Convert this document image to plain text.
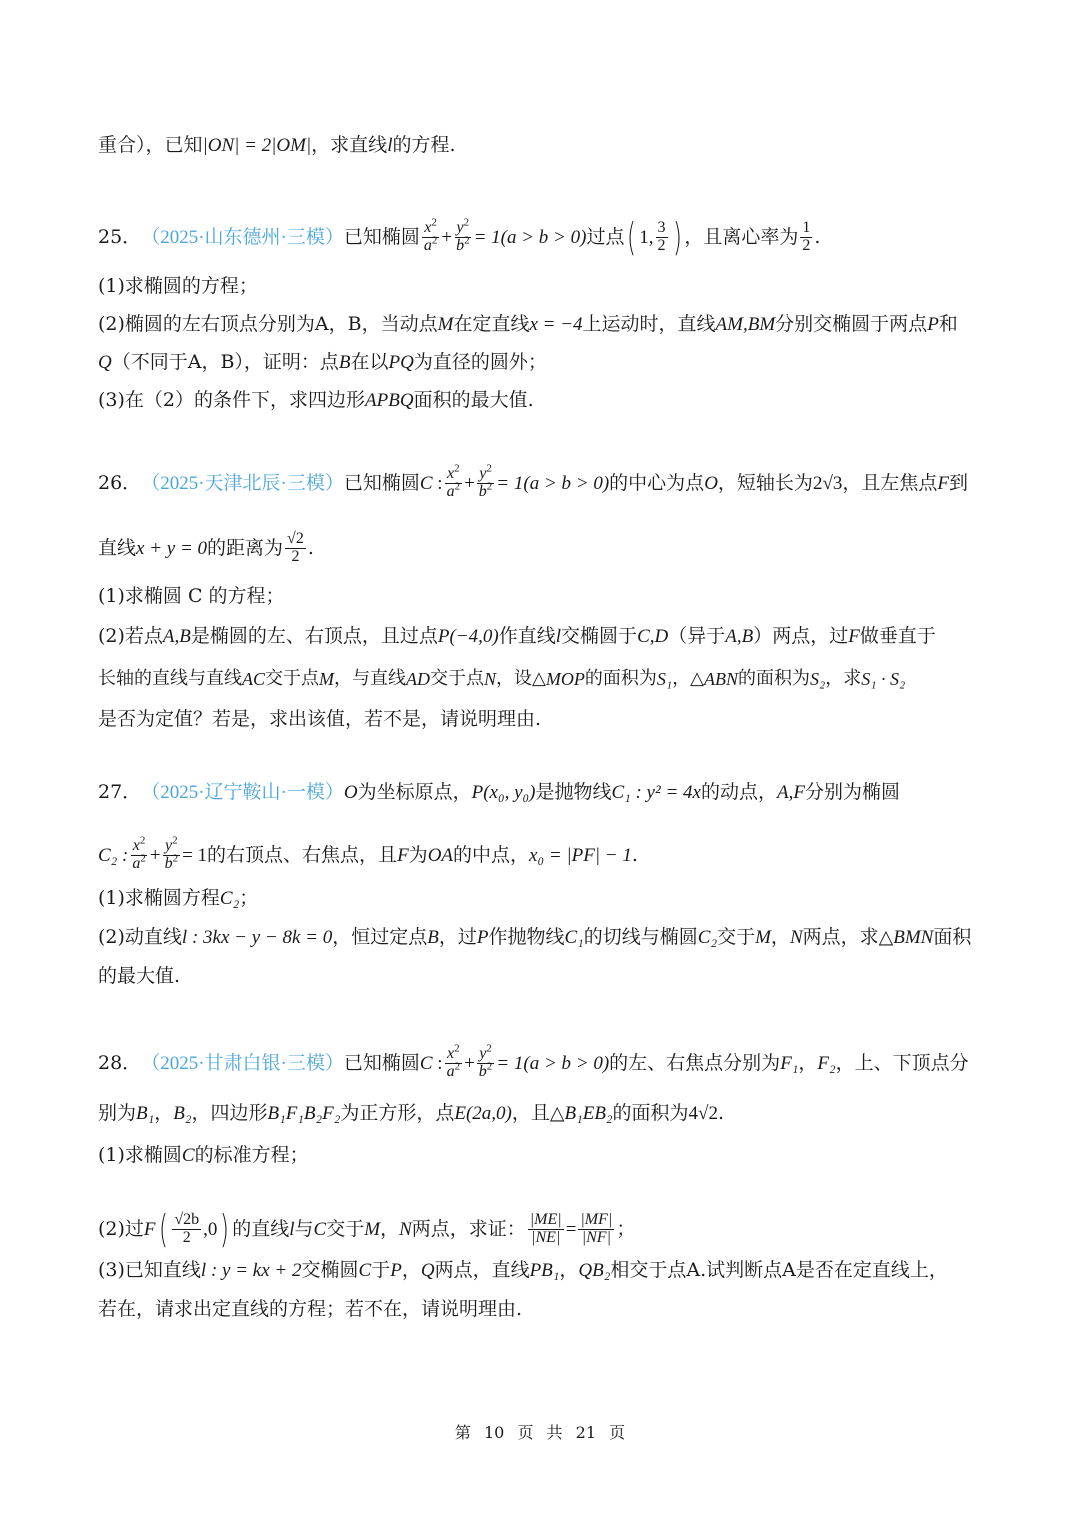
重合），已知 |ON| = 2|OM| ，求直线 l 的方程.
25． （2025·山东德州·三模） 已知椭圆 $\frac{x^2}{a^2} + \frac{y^2}{b^2} = 1(a > b > 0)$ 过点 ( 1, $\frac{3}{2}$ ) ，且离心率为 $\frac{1}{2}$ .
(1)求椭圆的方程；
(2)椭圆的左右顶点分别为A，B，当动点 M 在定直线 x = −4 上运动时，直线 AM,BM 分别交椭圆于两点 P 和
Q （不同于A，B），证明：点 B 在以 PQ 为直径的圆外；
(3)在（2）的条件下，求四边形 APBQ 面积的最大值.
26． （2025·天津北辰·三模） 已知椭圆 C : $\frac{x^2}{a^2} + \frac{y^2}{b^2} = 1(a > b > 0)$ 的中心为点 O ，短轴长为 2√3 ，且左焦点 F 到
直线 x + y = 0 的距离为 $\frac{√2}{2}$ .
(1)求椭圆 C 的方程；
(2)若点 A,B 是椭圆的左、右顶点，且过点 P(−4,0) 作直线 l 交椭圆于 C,D （异于 A,B ）两点，过 F 做垂直于
长轴的直线与直线 AC 交于点 M ，与直线 AD 交于点 N ，设△ MOP 的面积为 S₁ ，△ ABN 的面积为 S₂ ，求 S₁ · S₂
是否为定值？若是，求出该值，若不是，请说明理由.
27． （2025·辽宁鞍山·一模） O 为坐标原点， P(x₀, y₀) 是抛物线 C₁ : y² = 4x 的动点， A,F 分别为椭圆
C₂ : $\frac{x^2}{a^2} + \frac{y^2}{b^2} = 1$ 的右顶点、右焦点，且 F 为 OA 的中点， x₀ = |PF| − 1 .
(1)求椭圆方程 C₂ ；
(2)动直线 l : 3kx − y − 8k = 0 ，恒过定点 B ，过 P 作抛物线 C₁ 的切线与椭圆 C₂ 交于 M ， N 两点，求△ BMN 面积
的最大值.
28． （2025·甘肃白银·三模） 已知椭圆 C : $\frac{x^2}{a^2} + \frac{y^2}{b^2} = 1(a > b > 0)$ 的左、右焦点分别为 F₁ ， F₂ ，上、下顶点分
别为 B₁ ， B₂ ，四边形 B₁F₁B₂F₂ 为正方形，点 E(2a,0) ，且△ B₁EB₂ 的面积为 4√2 .
(1)求椭圆 C 的标准方程；
(2)过 F ( $\frac{√2b}{2} ,0$ ) 的直线 l 与 C 交于 M ， N 两点，求证： $\frac{|ME|}{|NE|} = \frac{|MF|}{|NF|}$ ；
(3)已知直线 l : y = kx + 2 交椭圆 C 于 P ， Q 两点，直线 PB₁ ， QB₂ 相交于点A.试判断点A是否在定直线上，
若在，请求出定直线的方程；若不在，请说明理由.
第 10 页 共 21 页
